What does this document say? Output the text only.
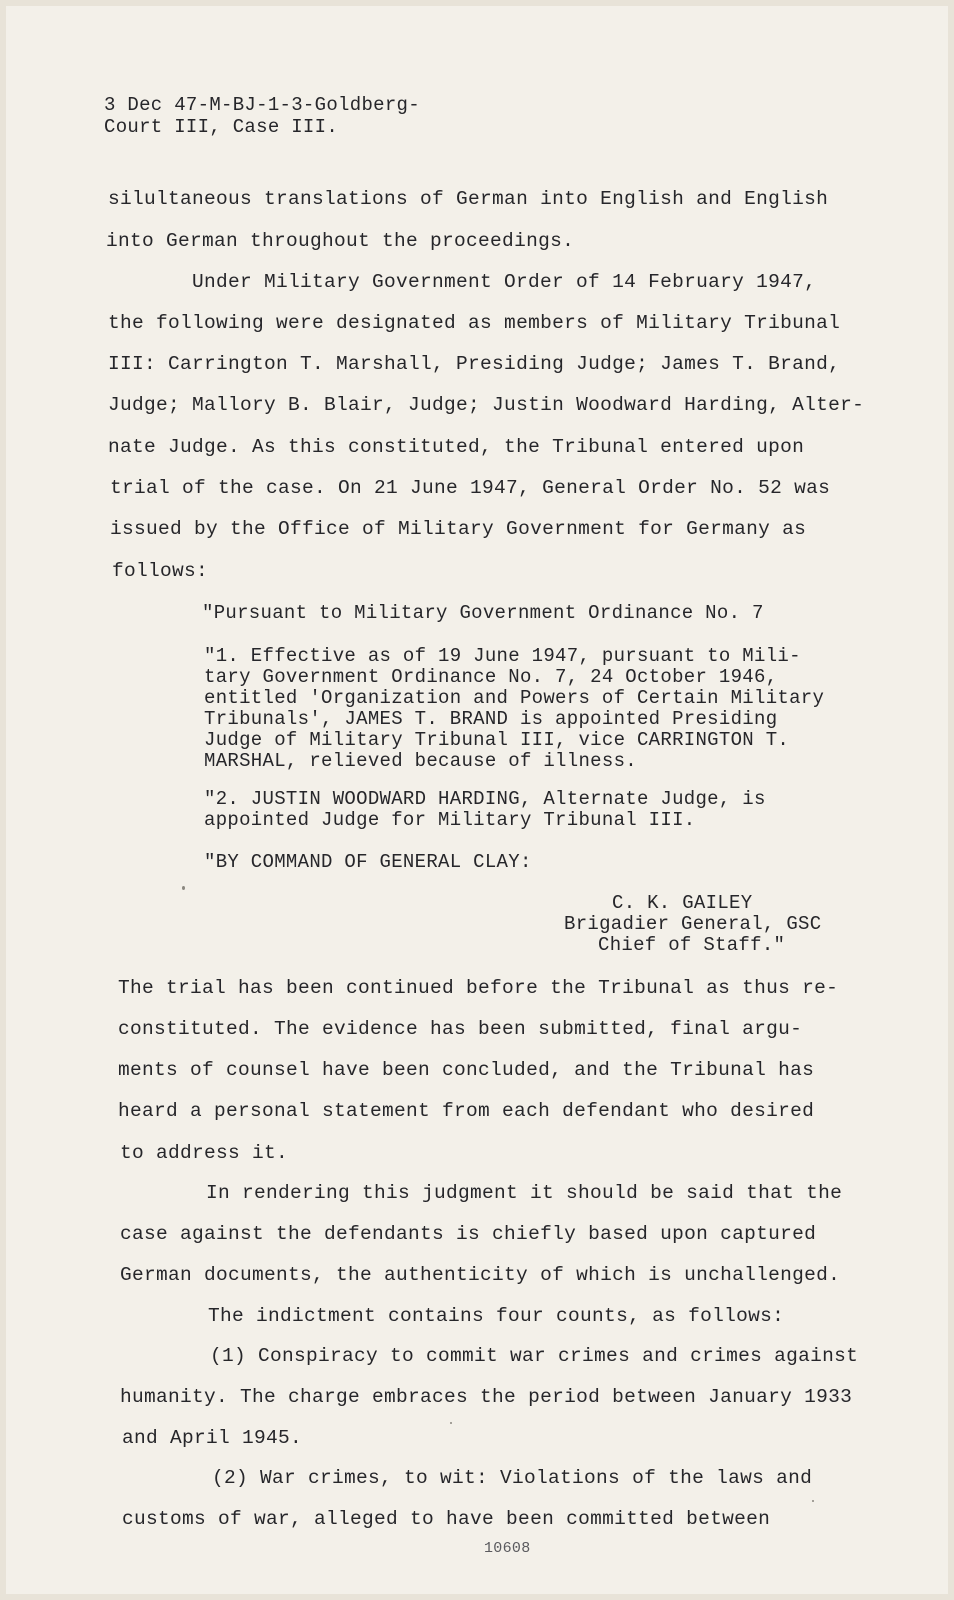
3 Dec 47-M-BJ-1-3-Goldberg-
Court III, Case III.
silultaneous translations of German into English and English
into German throughout the proceedings.
Under Military Government Order of 14 February 1947,
the following were designated as members of Military Tribunal
III: Carrington T. Marshall, Presiding Judge; James T. Brand,
Judge; Mallory B. Blair, Judge; Justin Woodward Harding, Alter-
nate Judge. As this constituted, the Tribunal entered upon
trial of the case. On 21 June 1947, General Order No. 52 was
issued by the Office of Military Government for Germany as
follows:
"Pursuant to Military Government Ordinance No. 7
"1. Effective as of 19 June 1947, pursuant to Mili-
tary Government Ordinance No. 7, 24 October 1946,
entitled 'Organization and Powers of Certain Military
Tribunals', JAMES T. BRAND is appointed Presiding
Judge of Military Tribunal III, vice CARRINGTON T.
MARSHAL, relieved because of illness.
"2. JUSTIN WOODWARD HARDING, Alternate Judge, is
appointed Judge for Military Tribunal III.
"BY COMMAND OF GENERAL CLAY:
C. K. GAILEY
Brigadier General, GSC
Chief of Staff."
The trial has been continued before the Tribunal as thus re-
constituted. The evidence has been submitted, final argu-
ments of counsel have been concluded, and the Tribunal has
heard a personal statement from each defendant who desired
to address it.
In rendering this judgment it should be said that the
case against the defendants is chiefly based upon captured
German documents, the authenticity of which is unchallenged.
The indictment contains four counts, as follows:
(1) Conspiracy to commit war crimes and crimes against
humanity. The charge embraces the period between January 1933
and April 1945.
(2) War crimes, to wit: Violations of the laws and
customs of war, alleged to have been committed between
10608
